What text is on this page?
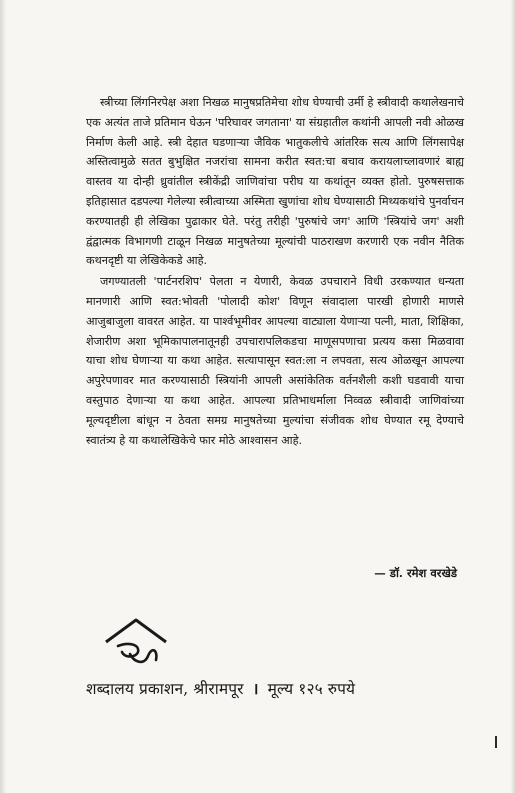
स्त्रीच्या लिंगनिरपेक्ष अशा निखळ मानुषप्रतिमेचा शोध घेण्याची उर्मी हे स्त्रीवादी कथालेखनाचे एक अत्यंत ताजे प्रतिमान घेऊन 'परिघावर जगताना' या संग्रहातील कथांनी आपली नवी ओळख निर्माण केली आहे. स्त्री देहात घडणाऱ्या जैविक भातुकलीचे आंतरिक सत्य आणि लिंगसापेक्ष अस्तित्वामुळे सतत बुभुक्षित नजरांचा सामना करीत स्वत:चा बचाव करायलाच्लावणारं बाह्य वास्तव या दोन्ही ध्रुवांतील स्त्रीकेंद्री जाणिवांचा परीघ या कथांतून व्यक्त होतो. पुरुषसत्ताक इतिहासात दडपल्या गेलेल्या स्त्रीत्वाच्या अस्मिता खुणांचा शोध घेण्यासाठी मिथ्यकथांचे पुनर्वाचन करण्यातही ही लेखिका पुढाकार घेते. परंतु तरीही 'पुरुषांचे जग' आणि 'स्त्रियांचे जग' अशी द्वंद्वात्मक विभागणी टाळून निखळ मानुषतेच्या मूल्यांची पाठराखण करणारी एक नवीन नैतिक कथनदृष्टी या लेखिकेकडे आहे.

जगण्यातली 'पार्टनरशिप' पेलता न येणारी, केवळ उपचाराने विधी उरकण्यात धन्यता मानणारी आणि स्वत:भोवती 'पोलादी कोश' विणून संवादाला पारखी होणारी माणसे आजुबाजुला वावरत आहेत. या पार्श्वभूमीवर आपल्या वाट्याला येणाऱ्या पत्नी, माता, शिक्षिका, शेजारीण अशा भूमिकापालनातूनही उपचारापलिकडचा माणूसपणाचा प्रत्यय कसा मिळवावा याचा शोध घेणाऱ्या या कथा आहेत. सत्यापासून स्वत:ला न लपवता, सत्य ओळखून आपल्या अपुरेपणावर मात करण्यासाठी स्त्रियांनी आपली असांकेतिक वर्तनशैली कशी घडवावी याचा वस्तुपाठ देणाऱ्या या कथा आहेत. आपल्या प्रतिभाधर्माला निव्वळ स्त्रीवादी जाणिवांच्या मूल्यदृष्टीला बांधून न ठेवता समग्र मानुषतेच्या मुल्यांचा संजीवक शोध घेण्यात रमू देण्याचे स्वातंत्र्य हे या कथालेखिकेचे फार मोठे आश्वासन आहे.

— डॉ. रमेश वरखेडे
शब्दालय प्रकाशन, श्रीरामपूर । मूल्य १२५ रुपये
